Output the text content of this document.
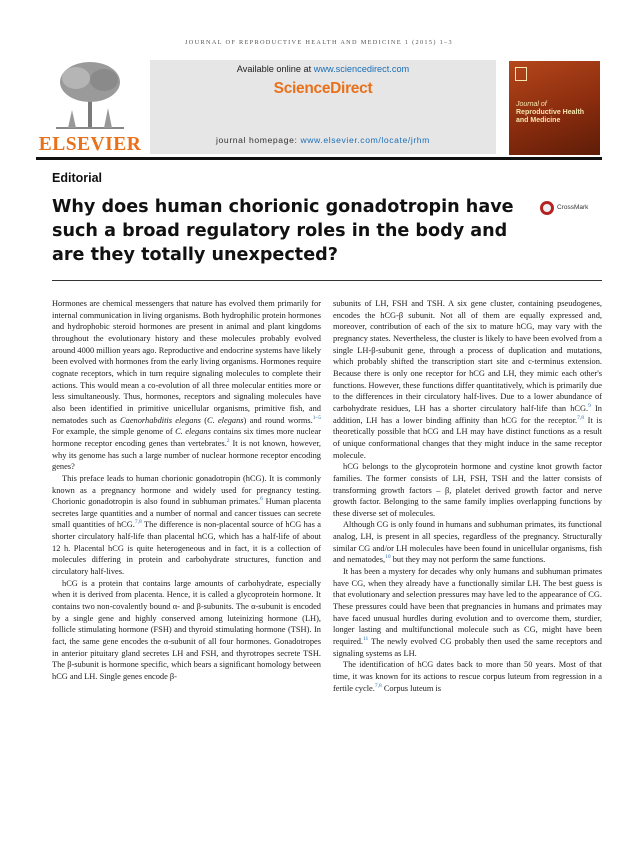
JOURNAL OF REPRODUCTIVE HEALTH AND MEDICINE 1 (2015) 1–3
ELSEVIER
Available online at www.sciencedirect.com
ScienceDirect
journal homepage: www.elsevier.com/locate/jrhm
Journal of
Reproductive Health
and Medicine
Editorial
Why does human chorionic gonadotropin have such a broad regulatory roles in the body and are they totally unexpected?
CrossMark

Hormones are chemical messengers that nature has evolved them primarily for internal communication in living organisms. Both hydrophilic protein hormones and hydrophobic steroid hormones are present in animal and plant kingdoms throughout the evolutionary history and these molecules probably evolved around 4000 million years ago. Reproductive and endocrine systems have likely been evolved with hormones from the early living organisms. Hormones require cognate receptors, which in turn require signaling molecules to complete their actions. This would mean a co-evolution of all three molecular entities more or less simultaneously. Thus, hormones, receptors and signaling molecules have also been identified in primitive unicellular organisms, primitive fish, and nematodes such as Caenorhabditis elegans (C. elegans) and round worms.$^{1-5}$ For example, the simple genome of C. elegans contains six times more nuclear hormone receptor encoding genes than vertebrates.$^2$ It is not known, however, why its genome has such a large number of nuclear hormone receptor encoding genes?

This preface leads to human chorionic gonadotropin (hCG). It is commonly known as a pregnancy hormone and widely used for pregnancy testing. Chorionic gonadotropin is also found in subhuman primates.$^6$ Human placenta secretes large quantities and a number of normal and cancer tissues can secrete small quantities of hCG.$^{7,8}$ The difference is non-placental source of hCG has a shorter circulatory half-life than placental hCG, which has a half-life of about 12 h. Placental hCG is quite heterogeneous and in fact, it is a collection of molecules differing in protein and carbohydrate structures, function and circulatory half-lives.

hCG is a protein that contains large amounts of carbohydrate, especially when it is derived from placenta. Hence, it is called a glycoprotein hormone. It contains two non-covalently bound α- and β-subunits. The α-subunit is encoded by a single gene and highly conserved among luteinizing hormone (LH), follicle stimulating hormone (FSH) and thyroid stimulating hormone (TSH). In fact, the same gene encodes the α-subunit of all four hormones. Gonadotropes in anterior pituitary gland secretes LH and FSH, and thyrotropes secrete TSH. The β-subunit is hormone specific, which bears a significant homology between hCG and LH. Single genes encode β-

subunits of LH, FSH and TSH. A six gene cluster, containing pseudogenes, encodes the hCG-β subunit. Not all of them are equally expressed and, moreover, contribution of each of the six to mature hCG, may vary with the pregnancy states. Nevertheless, the cluster is likely to have been evolved from a single LH-β-subunit gene, through a process of duplication and mutations, which probably shifted the transcription start site and c-terminus extension. Because there is only one receptor for hCG and LH, they mimic each other's functions. However, these functions differ quantitatively, which is primarily due to the differences in their circulatory half-lives. Due to a lower abundance of carbohydrate residues, LH has a shorter circulatory half-life than hCG.$^9$ In addition, LH has a lower binding affinity than hCG for the receptor.$^{7,8}$ It is theoretically possible that hCG and LH may have distinct functions as a result of unique conformational changes that they might induce in the same receptor molecule.

hCG belongs to the glycoprotein hormone and cystine knot growth factor families. The former consists of LH, FSH, TSH and the latter consists of transforming growth factors – β, platelet derived growth factor and nerve growth factor. Belonging to the same family implies overlapping functions by these diverse set of molecules.

Although CG is only found in humans and subhuman primates, its functional analog, LH, is present in all species, regardless of the pregnancy. Structurally similar CG and/or LH molecules have been found in unicellular organisms, fish and nematodes,$^{10}$ but they may not perform the same functions.

It has been a mystery for decades why only humans and subhuman primates have CG, when they already have a functionally similar LH. The best guess is that evolutionary and selection pressures may have led to the appearance of CG. These pressures could have been that pregnancies in humans and primates may have faced unusual hurdles during evolution and to overcome them, sturdier, longer lasting and multifunctional molecule such as CG, might have been required.$^{11}$ The newly evolved CG probably then used the same receptors and signaling systems as LH.

The identification of hCG dates back to more than 50 years. Most of that time, it was known for its actions to rescue corpus luteum from regression in a fertile cycle.$^{7,8}$ Corpus luteum is
